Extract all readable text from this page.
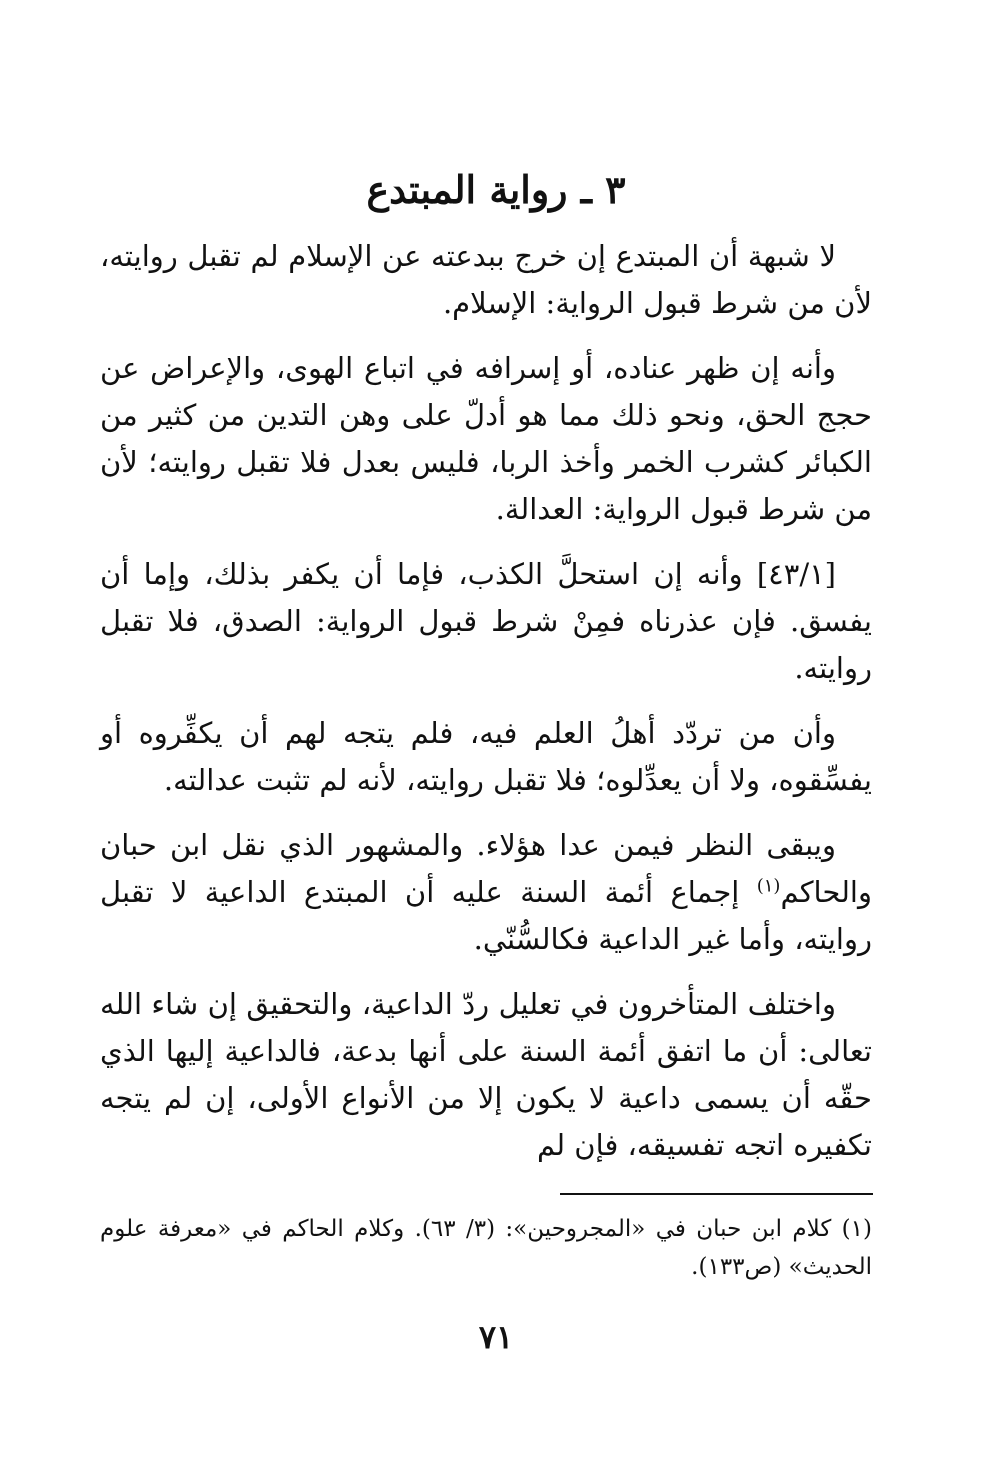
٣ ـ رواية المبتدع

لا شبهة أن المبتدع إن خرج ببدعته عن الإسلام لم تقبل روايته، لأن من شرط قبول الرواية: الإسلام.

وأنه إن ظهر عناده، أو إسرافه في اتباع الهوى، والإعراض عن حجج الحق، ونحو ذلك مما هو أدلّ على وهن التدين من كثير من الكبائر كشرب الخمر وأخذ الربا، فليس بعدل فلا تقبل روايته؛ لأن من شرط قبول الرواية: العدالة.

[٤٣/١] وأنه إن استحلَّ الكذب، فإما أن يكفر بذلك، وإما أن يفسق. فإن عذرناه فمِنْ شرط قبول الرواية: الصدق، فلا تقبل روايته.

وأن من تردّد أهلُ العلم فيه، فلم يتجه لهم أن يكفِّروه أو يفسِّقوه، ولا أن يعدِّلوه؛ فلا تقبل روايته، لأنه لم تثبت عدالته.

ويبقى النظر فيمن عدا هؤلاء. والمشهور الذي نقل ابن حبان والحاكم$^{(١)}$ إجماع أئمة السنة عليه أن المبتدع الداعية لا تقبل روايته، وأما غير الداعية فكالسُّنّي.

واختلف المتأخرون في تعليل ردّ الداعية، والتحقيق إن شاء الله تعالى: أن ما اتفق أئمة السنة على أنها بدعة، فالداعية إليها الذي حقّه أن يسمى داعية لا يكون إلا من الأنواع الأولى، إن لم يتجه تكفيره اتجه تفسيقه، فإن لم

(١) كلام ابن حبان في «المجروحين»: (٣/ ٦٣). وكلام الحاكم في «معرفة علوم الحديث» (ص١٣٣).
٧١
